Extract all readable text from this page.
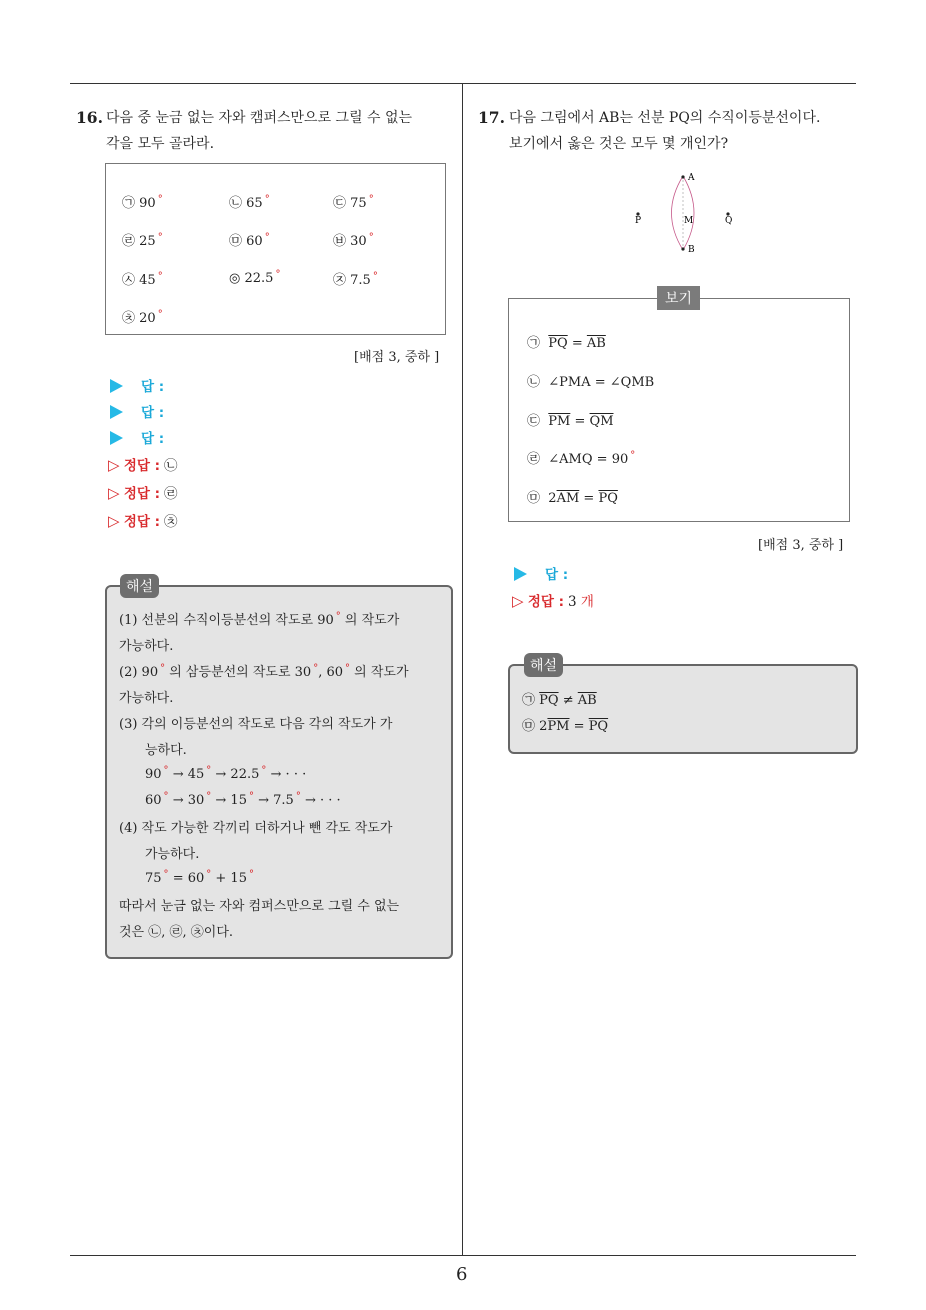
6
16. 다음 중 눈금 없는 자와 캠퍼스만으로 그릴 수 없는
각을 모두 골라라.
㉠ 90 °	㉡ 65 °	㉢ 75 °
㉣ 25 °	㉤ 60 °	㉥ 30 °
㉦ 45 °	◎ 22.5 °	㉨ 7.5 °
㉩ 20 °
[배점 3, 중하 ]
답 :
답 :
답 :
▷ 정답 : ㉡
▷ 정답 : ㉣
▷ 정답 : ㉩
(1) 선분의 수직이등분선의 작도로 90 ° 의 작도가
가능하다.
(2) 90 ° 의 삼등분선의 작도로 30 °, 60 ° 의 작도가
가능하다.
(3) 각의 이등분선의 작도로 다음 각의 작도가 가
능하다.
90 ° → 45 ° → 22.5 ° → · · ·
60 ° → 30 ° → 15 ° → 7.5 ° → · · ·
(4) 작도 가능한 각끼리 더하거나 뺀 각도 작도가
가능하다.
75 ° = 60 ° + 15 °
따라서 눈금 없는 자와 컴퍼스만으로 그릴 수 없는
것은 ㉡, ㉣, ㉩이다.
해설
17. 다음 그림에서 AB는 선분 PQ의 수직이등분선이다.
보기에서 옳은 것은 모두 몇 개인가?
A
B
M
P	Q
㉠ $\overline{PQ} = \overline{AB}$
㉡ ∠PMA = ∠QMB
㉢ $\overline{PM} = \overline{QM}$
㉣ ∠AMQ = 90 °
㉤ $2\overline{AM} = \overline{PQ}$
보기
[배점 3, 중하 ]
답 :
▷ 정답 : 3 개
㉠ $\overline{PQ} \ne \overline{AB}$
㉤ $2\overline{PM} = \overline{PQ}$
해설
